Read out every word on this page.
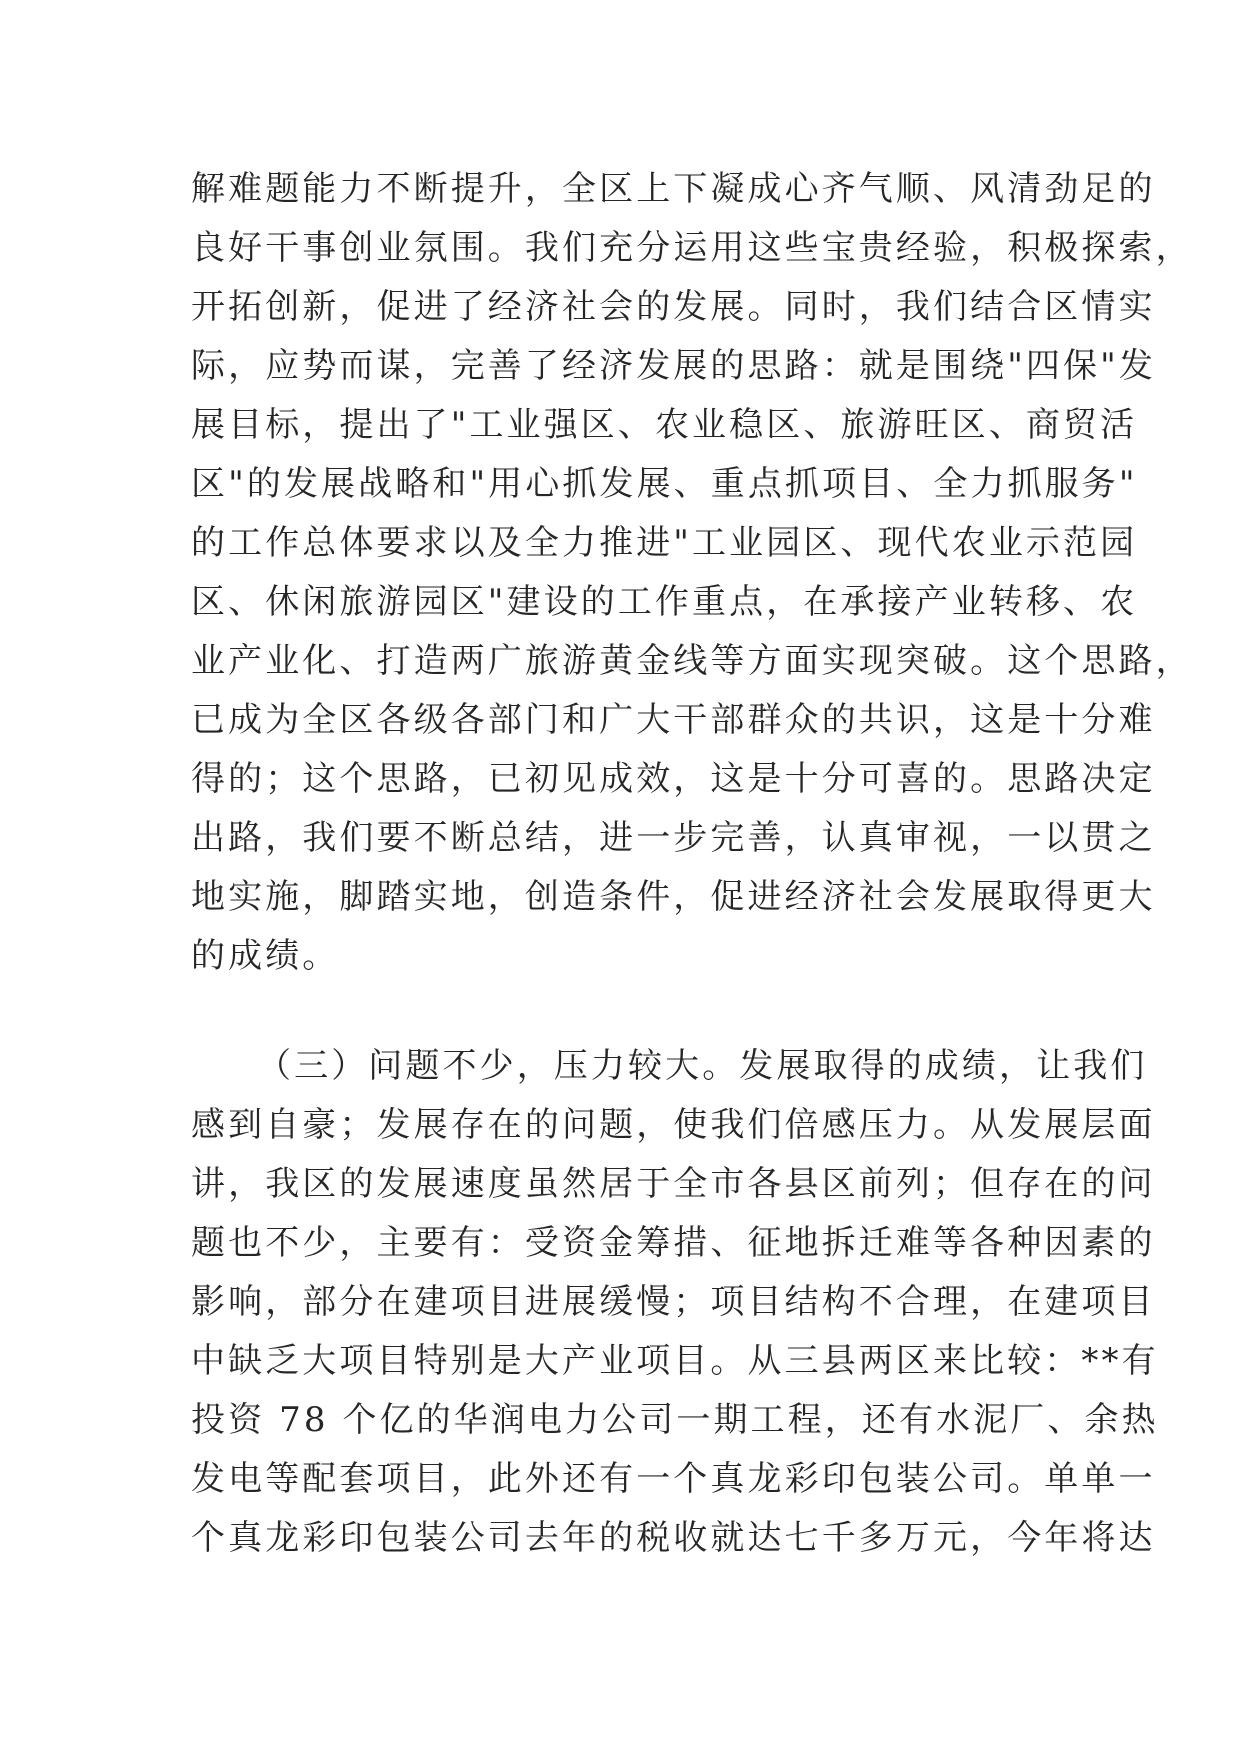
解难题能力不断提升，全区上下凝成心齐气顺、风清劲足的
良好干事创业氛围。我们充分运用这些宝贵经验，积极探索，
开拓创新，促进了经济社会的发展。同时，我们结合区情实
际，应势而谋，完善了经济发展的思路：就是围绕"四保"发
展目标，提出了"工业强区、农业稳区、旅游旺区、商贸活
区"的发展战略和"用心抓发展、重点抓项目、全力抓服务"
的工作总体要求以及全力推进"工业园区、现代农业示范园
区、休闲旅游园区"建设的工作重点，在承接产业转移、农
业产业化、打造两广旅游黄金线等方面实现突破。这个思路，
已成为全区各级各部门和广大干部群众的共识，这是十分难
得的；这个思路，已初见成效，这是十分可喜的。思路决定
出路，我们要不断总结，进一步完善，认真审视，一以贯之
地实施，脚踏实地，创造条件，促进经济社会发展取得更大
的成绩。
（三）问题不少，压力较大。发展取得的成绩，让我们
感到自豪；发展存在的问题，使我们倍感压力。从发展层面
讲，我区的发展速度虽然居于全市各县区前列；但存在的问
题也不少，主要有：受资金筹措、征地拆迁难等各种因素的
影响，部分在建项目进展缓慢；项目结构不合理，在建项目
中缺乏大项目特别是大产业项目。从三县两区来比较：**有
投资 78 个亿的华润电力公司一期工程，还有水泥厂、余热
发电等配套项目，此外还有一个真龙彩印包装公司。单单一
个真龙彩印包装公司去年的税收就达七千多万元，今年将达
